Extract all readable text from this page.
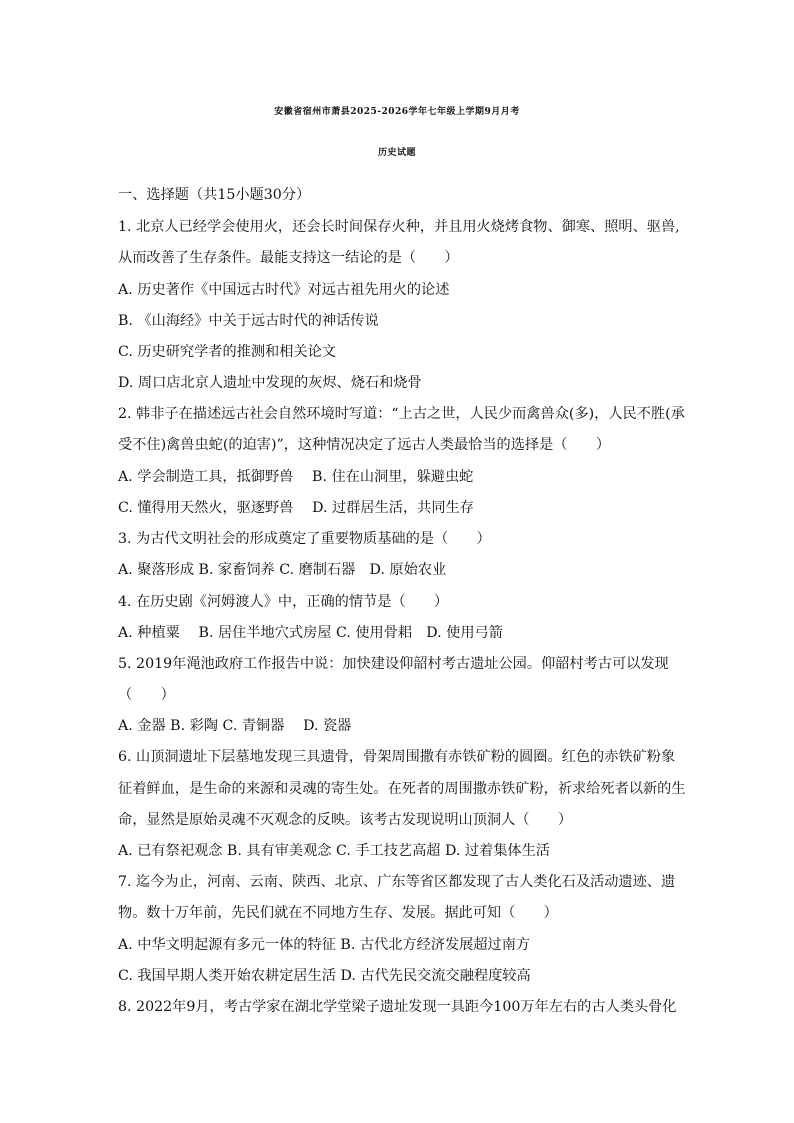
安徽省宿州市萧县2025-2026学年七年级上学期9月月考
历史试题
一、选择题（共15小题30分）
1. 北京人已经学会使用火，还会长时间保存火种，并且用火烧烤食物、御寒、照明、驱兽,
从而改善了生存条件。最能支持这一结论的是（　　）
A. 历史著作《中国远古时代》对远古祖先用火的论述
B. 《山海经》中关于远古时代的神话传说
C. 历史研究学者的推测和相关论文
D. 周口店北京人遗址中发现的灰烬、烧石和烧骨
2. 韩非子在描述远古社会自然环境时写道：“上古之世，人民少而禽兽众(多)，人民不胜(承
受不住)禽兽虫蛇(的迫害)”，这种情况决定了远古人类最恰当的选择是（　　）
A. 学会制造工具，抵御野兽　 B. 住在山洞里，躲避虫蛇
C. 懂得用天然火，驱逐野兽　 D. 过群居生活，共同生存
3. 为古代文明社会的形成奠定了重要物质基础的是（　　）
A. 聚落形成 B. 家畜饲养 C. 磨制石器　D. 原始农业
4. 在历史剧《河姆渡人》中，正确的情节是（　　）
A. 种植粟　 B. 居住半地穴式房屋 C. 使用骨耜　D. 使用弓箭
5. 2019年渑池政府工作报告中说：加快建设仰韶村考古遗址公园。仰韶村考古可以发现
（　　）
A. 金器 B. 彩陶 C. 青铜器　 D. 瓷器
6. 山顶洞遗址下层墓地发现三具遗骨，骨架周围撒有赤铁矿粉的圆圈。红色的赤铁矿粉象
征着鲜血，是生命的来源和灵魂的寄生处。在死者的周围撒赤铁矿粉，祈求给死者以新的生
命，显然是原始灵魂不灭观念的反映。该考古发现说明山顶洞人（　　）
A. 已有祭祀观念 B. 具有审美观念 C. 手工技艺高超 D. 过着集体生活
7. 迄今为止，河南、云南、陕西、北京、广东等省区都发现了古人类化石及活动遗迹、遗
物。数十万年前，先民们就在不同地方生存、发展。据此可知（　　）
A. 中华文明起源有多元一体的特征 B. 古代北方经济发展超过南方
C. 我国早期人类开始农耕定居生活 D. 古代先民交流交融程度较高
8. 2022年9月，考古学家在湖北学堂梁子遗址发现一具距今100万年左右的古人类头骨化
